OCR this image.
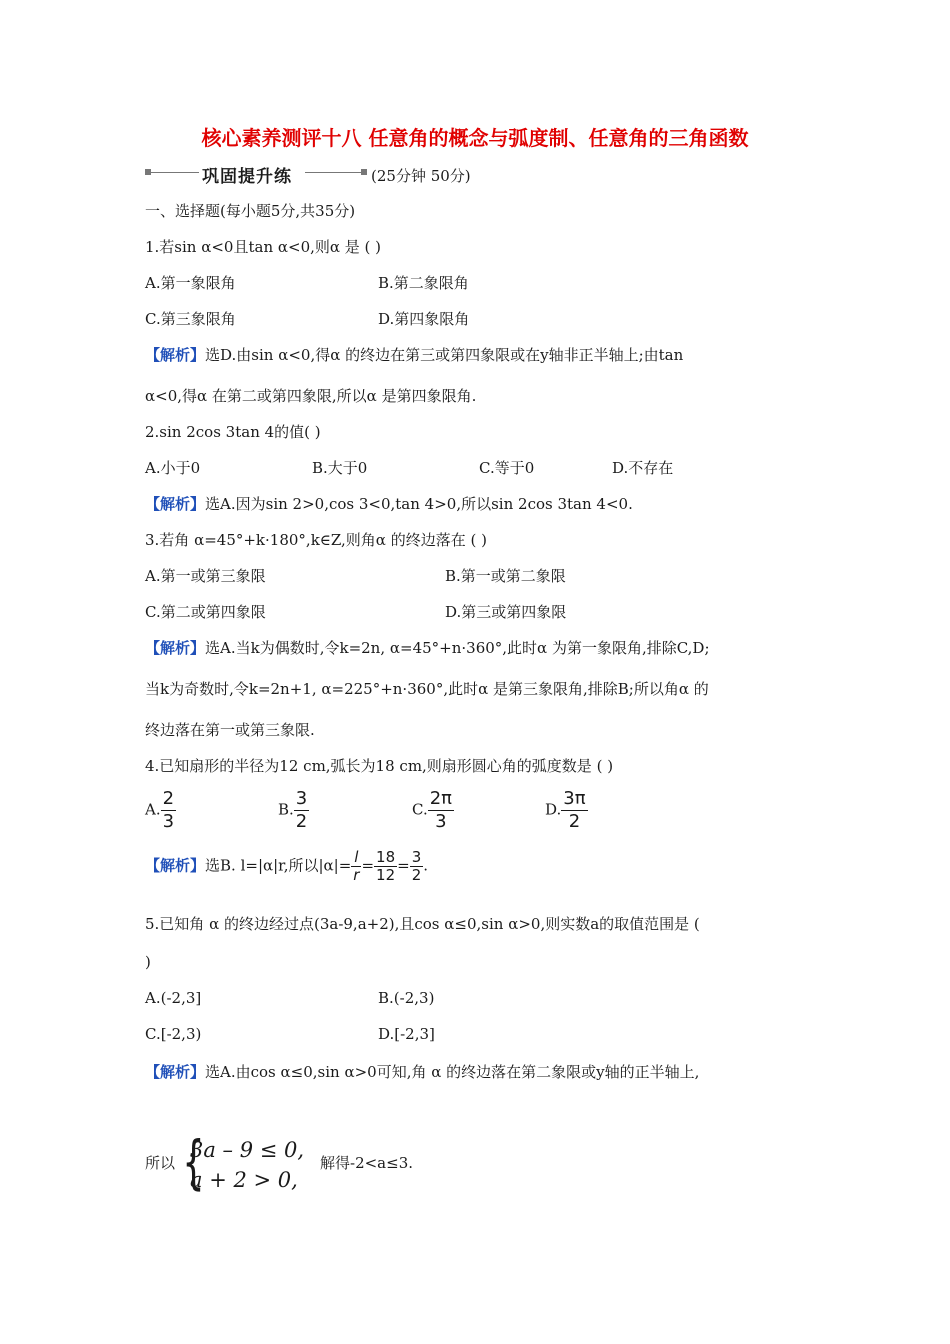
核心素养测评十八 任意角的概念与弧度制、任意角的三角函数
巩固提升练	(25分钟 50分)
一、选择题(每小题5分,共35分)
1.若sin α<0且tan α<0,则α 是 ( )
A.第一象限角	B.第二象限角
C.第三象限角	D.第四象限角
【解析】选D.由sin α<0,得α 的终边在第三或第四象限或在y轴非正半轴上;由tan
α<0,得α 在第二或第四象限,所以α 是第四象限角.
2.sin 2cos 3tan 4的值( )
A.小于0	B.大于0	C.等于0	D.不存在
【解析】选A.因为sin 2>0,cos 3<0,tan 4>0,所以sin 2cos 3tan 4<0.
3.若角 α=45°+k·180°,k∈Z,则角α 的终边落在 ( )
A.第一或第三象限	B.第一或第二象限
C.第二或第四象限	D.第三或第四象限
【解析】选A.当k为偶数时,令k=2n, α=45°+n·360°,此时α 为第一象限角,排除C,D;
当k为奇数时,令k=2n+1, α=225°+n·360°,此时α 是第三象限角,排除B;所以角α 的
终边落在第一或第三象限.
4.已知扇形的半径为12 cm,弧长为18 cm,则扇形圆心角的弧度数是 ( )
A. $\frac{2}{3}$	B. $\frac{3}{2}$	C. $\frac{2\pi}{3}$	D. $\frac{3\pi}{2}$
【解析】选B. l=|α|r,所以$|\alpha|= \frac{l}{r} = \frac{18}{12} = \frac{3}{2}$ .
5.已知角 α 的终边经过点(3a-9,a+2),且cos α≤0,sin α>0,则实数a的取值范围是 (
)
A.(-2,3]	B.(-2,3)
C.[-2,3)	D.[-2,3]
【解析】选A.由cos α≤0,sin α>0可知,角 α 的终边落在第二象限或y轴的正半轴上,
所以 {
3a – 9 ≤ 0,
a + 2 > 0,
解得-2<a≤3.
